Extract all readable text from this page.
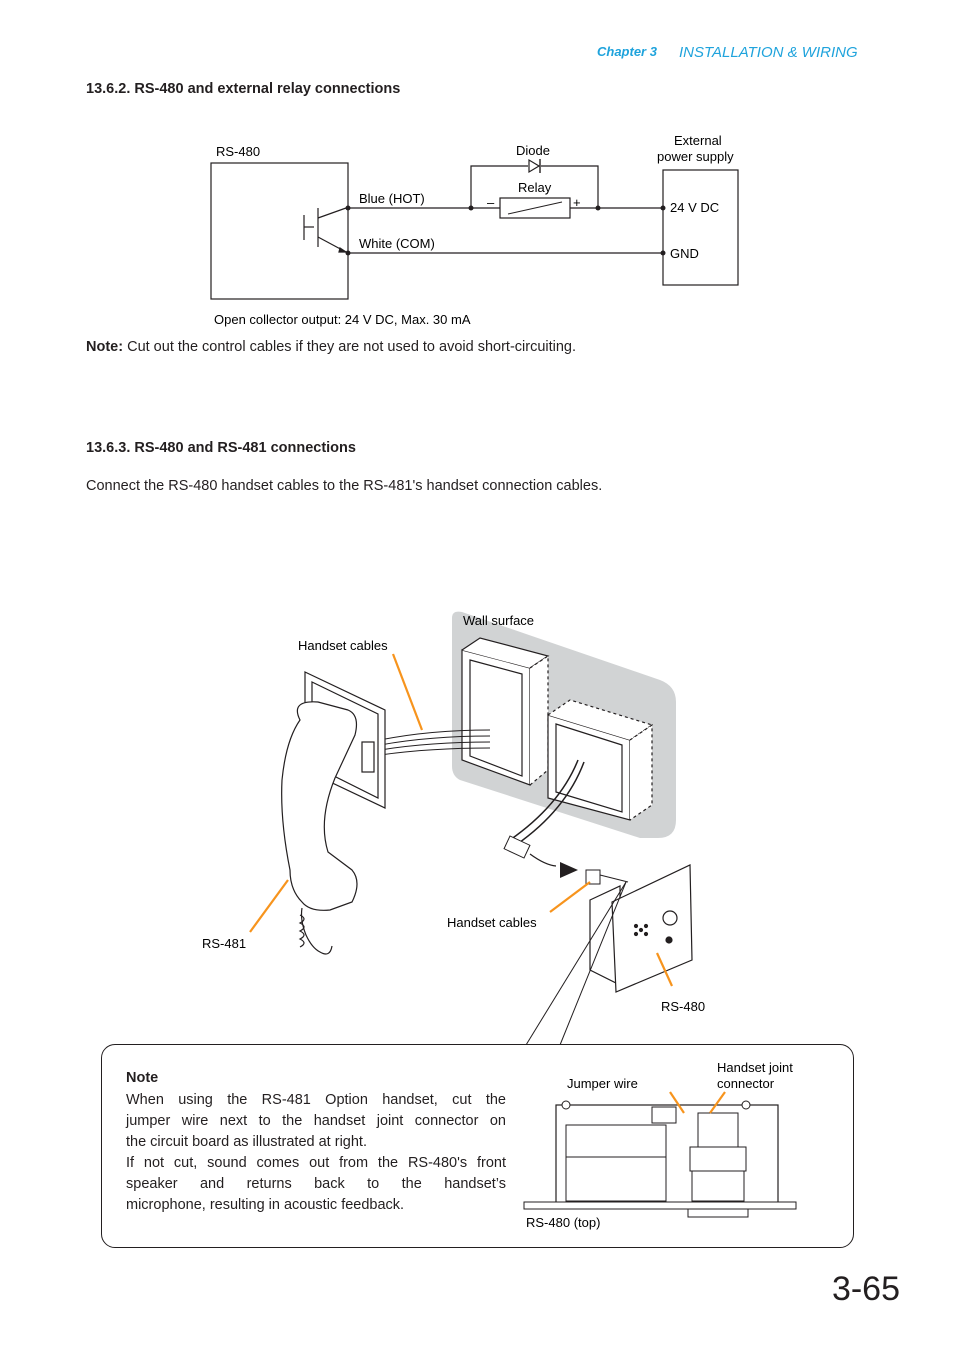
Chapter 3 INSTALLATION & WIRING
13.6.2. RS-480 and external relay connections
RS-480	Diode
Relay
–	+
External
power supply
24 V DC
GND
Blue (HOT)
White (COM)
Open collector output: 24 V DC, Max. 30 mA
Note: Cut out the control cables if they are not used to avoid short-circuiting.
13.6.3. RS-480 and RS-481 connections
Connect the RS-480 handset cables to the RS-481's handset connection cables.
Wall surface
Handset cables
Handset cables
RS-481
RS-480
Note
When using the RS-481 Option handset, cut the
jumper wire next to the handset joint connector on
the circuit board as illustrated at right.
If not cut, sound comes out from the RS-480's front
speaker and returns back to the handset’s
microphone, resulting in acoustic feedback.
Jumper wire
Handset joint
connector
RS-480 (top)
3-65
